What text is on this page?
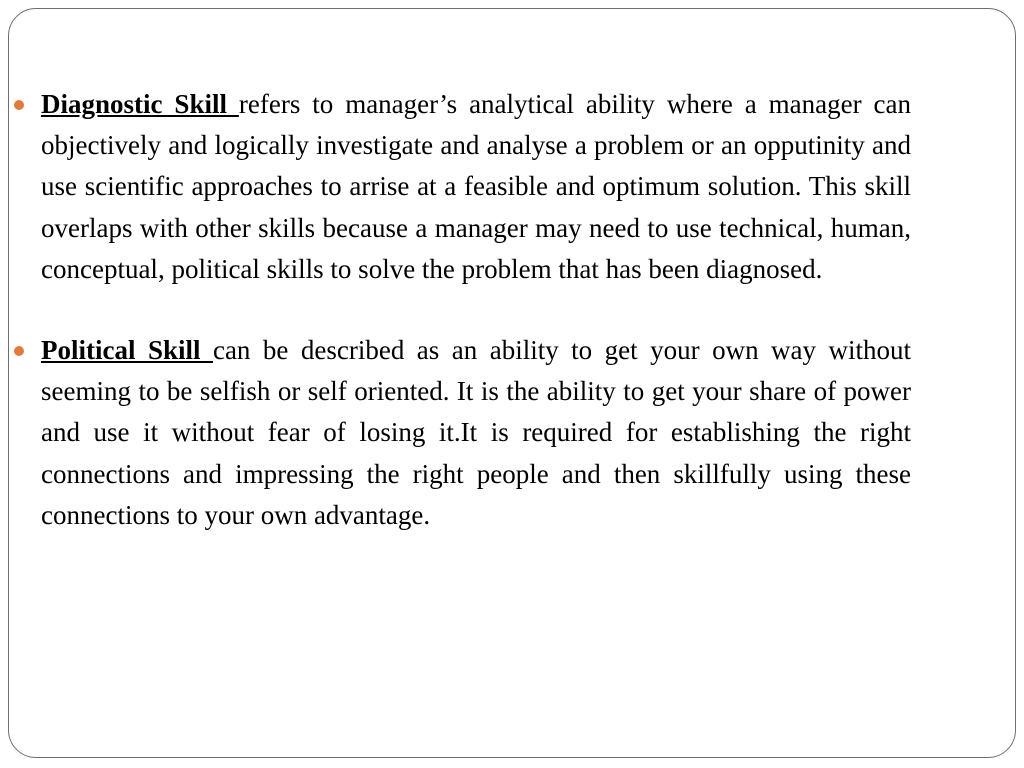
Diagnostic Skill refers to manager’s analytical ability where a manager can objectively and logically investigate and analyse a problem or an opputinity and use scientific approaches to arrise at a feasible and optimum solution. This skill overlaps with other skills because a manager may need to use technical, human, conceptual, political skills to solve the problem that has been diagnosed.

Political Skill can be described as an ability to get your own way without seeming to be selfish or self oriented. It is the ability to get your share of power and use it without fear of losing it.It is required for establishing the right connections and impressing the right people and then skillfully using these connections to your own advantage.
